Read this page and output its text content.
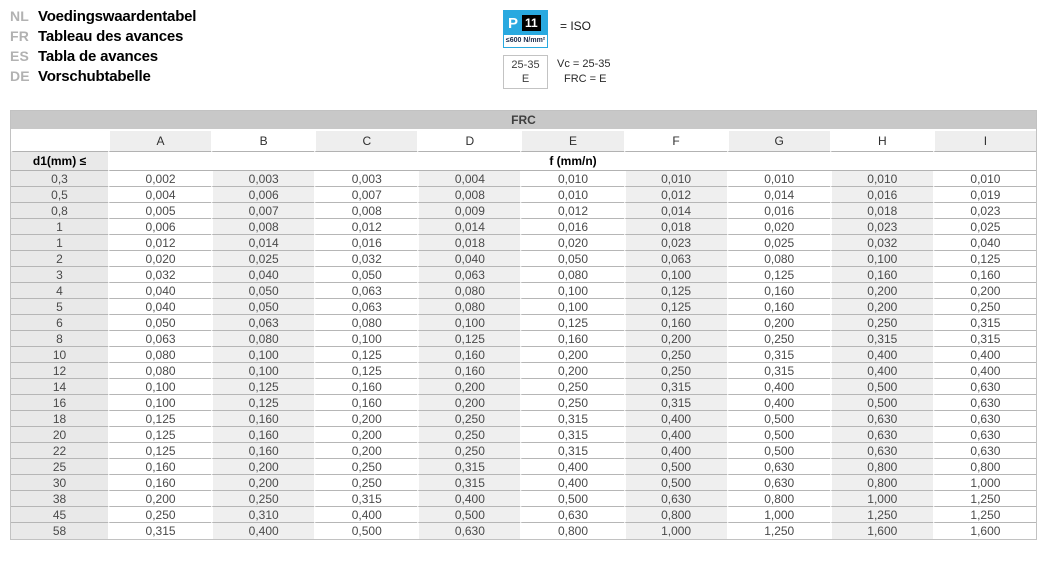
NL Voedingswaardentabel
FR Tableau des avances
ES Tabla de avances
DE Vorschubtabelle
P 11
≤600 N/mm²
= ISO
25-35
E
Vc = 25-35
FRC = E
FRC									
	A	B	C	D	E	F	G	H	I
d1(mm) ≤	f (mm/n)								
0,3	0,002	0,003	0,003	0,004	0,010	0,010	0,010	0,010	0,010
0,5	0,004	0,006	0,007	0,008	0,010	0,012	0,014	0,016	0,019
0,8	0,005	0,007	0,008	0,009	0,012	0,014	0,016	0,018	0,023
1	0,006	0,008	0,012	0,014	0,016	0,018	0,020	0,023	0,025
1	0,012	0,014	0,016	0,018	0,020	0,023	0,025	0,032	0,040
2	0,020	0,025	0,032	0,040	0,050	0,063	0,080	0,100	0,125
3	0,032	0,040	0,050	0,063	0,080	0,100	0,125	0,160	0,160
4	0,040	0,050	0,063	0,080	0,100	0,125	0,160	0,200	0,200
5	0,040	0,050	0,063	0,080	0,100	0,125	0,160	0,200	0,250
6	0,050	0,063	0,080	0,100	0,125	0,160	0,200	0,250	0,315
8	0,063	0,080	0,100	0,125	0,160	0,200	0,250	0,315	0,315
10	0,080	0,100	0,125	0,160	0,200	0,250	0,315	0,400	0,400
12	0,080	0,100	0,125	0,160	0,200	0,250	0,315	0,400	0,400
14	0,100	0,125	0,160	0,200	0,250	0,315	0,400	0,500	0,630
16	0,100	0,125	0,160	0,200	0,250	0,315	0,400	0,500	0,630
18	0,125	0,160	0,200	0,250	0,315	0,400	0,500	0,630	0,630
20	0,125	0,160	0,200	0,250	0,315	0,400	0,500	0,630	0,630
22	0,125	0,160	0,200	0,250	0,315	0,400	0,500	0,630	0,630
25	0,160	0,200	0,250	0,315	0,400	0,500	0,630	0,800	0,800
30	0,160	0,200	0,250	0,315	0,400	0,500	0,630	0,800	1,000
38	0,200	0,250	0,315	0,400	0,500	0,630	0,800	1,000	1,250
45	0,250	0,310	0,400	0,500	0,630	0,800	1,000	1,250	1,250
58	0,315	0,400	0,500	0,630	0,800	1,000	1,250	1,600	1,600
